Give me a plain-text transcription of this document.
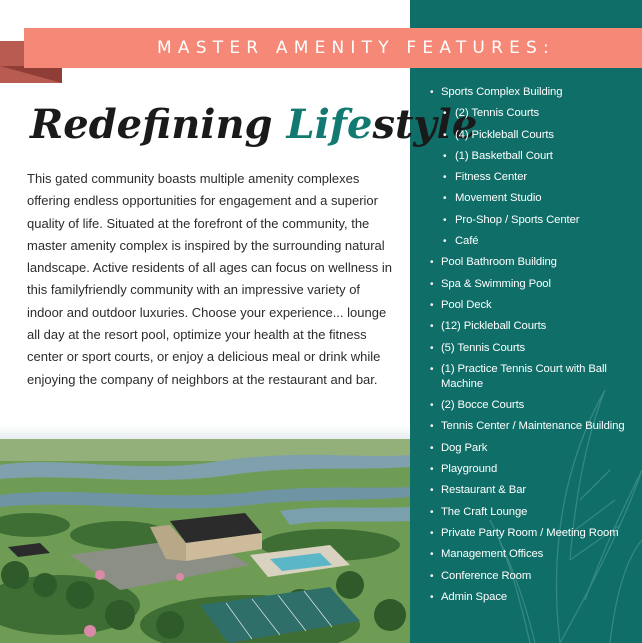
MASTER AMENITY FEATURES:
Redefining Lifestyle

This gated community boasts multiple amenity complexes offering endless opportunities for engagement and a superior quality of life. Situated at the forefront of the community, the master amenity complex is inspired by the surrounding natural landscape. Active residents of all ages can focus on wellness in this familyfriendly community with an impressive variety of indoor and outdoor luxuries. Choose your experience... lounge all day at the resort pool, optimize your health at the fitness center or sport courts, or enjoy a delicious meal or drink while enjoying the company of neighbors at the restaurant and bar.

• Sports Complex Building
• (2) Tennis Courts
• (4) Pickleball Courts
• (1) Basketball Court
• Fitness Center
• Movement Studio
• Pro-Shop / Sports Center
• Café
• Pool Bathroom Building
• Spa & Swimming Pool
• Pool Deck
• (12) Pickleball Courts
• (5) Tennis Courts
• (1) Practice Tennis Court with Ball Machine
• (2) Bocce Courts
• Tennis Center / Maintenance Building
• Dog Park
• Playground
• Restaurant & Bar
• The Craft Lounge
• Private Party Room / Meeting Room
• Management Offices
• Conference Room
• Admin Space
